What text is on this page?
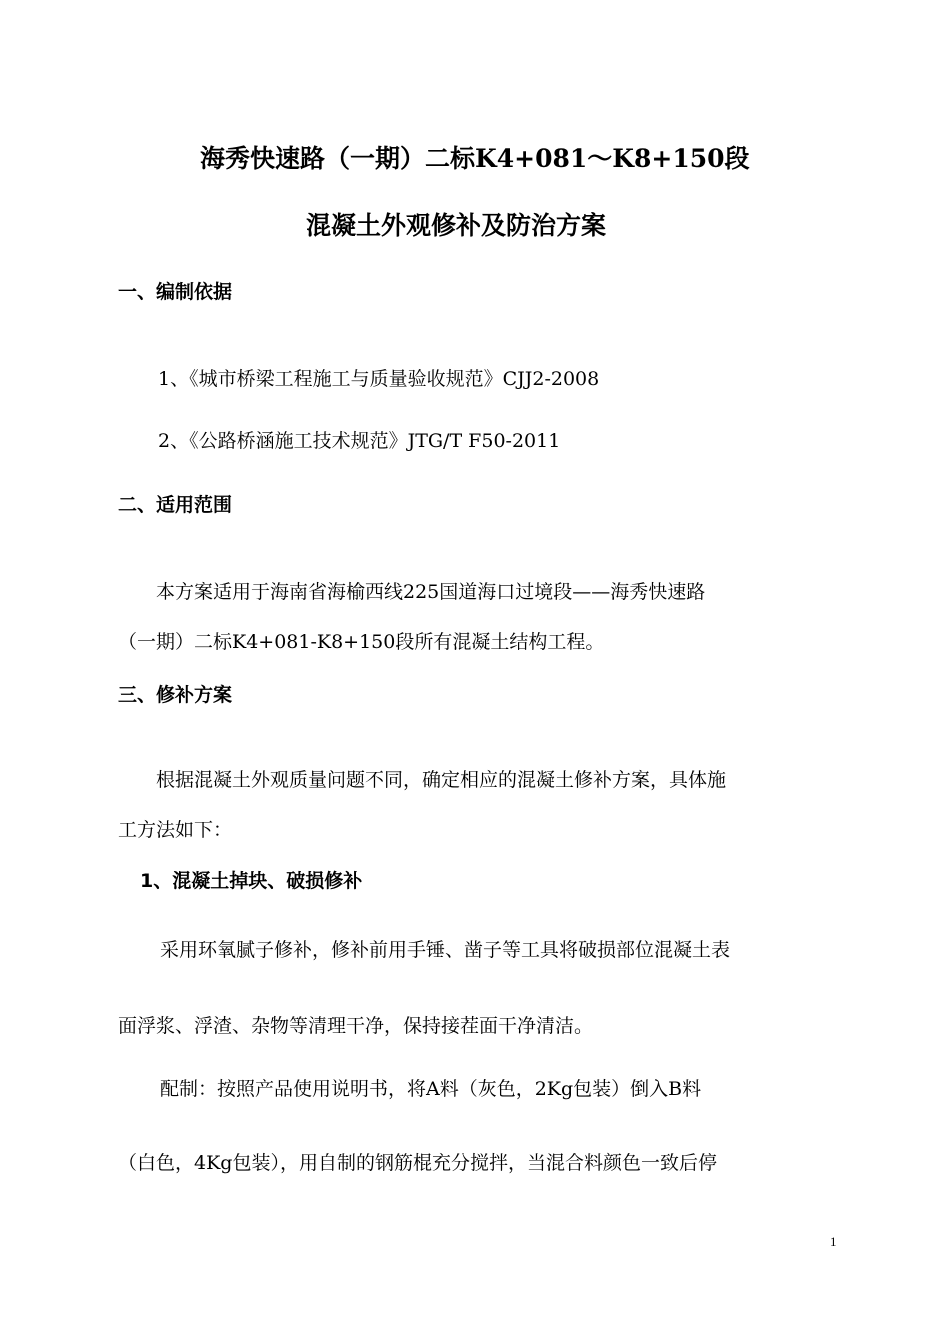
海秀快速路（一期）二标K4+081～K8+150段
混凝土外观修补及防治方案
一、编制依据
1、《城市桥梁工程施工与质量验收规范》CJJ2-2008
2、《公路桥涵施工技术规范》JTG/T F50-2011
二、适用范围
本方案适用于海南省海榆西线225国道海口过境段——海秀快速路
（一期）二标K4+081-K8+150段所有混凝土结构工程。
三、修补方案
根据混凝土外观质量问题不同，确定相应的混凝土修补方案，具体施
工方法如下：
1、混凝土掉块、破损修补
采用环氧腻子修补，修补前用手锤、凿子等工具将破损部位混凝土表
面浮浆、浮渣、杂物等清理干净，保持接茬面干净清洁。
配制：按照产品使用说明书，将A料（灰色，2Kg包装）倒入B料
（白色，4Kg包装），用自制的钢筋棍充分搅拌，当混合料颜色一致后停
1
